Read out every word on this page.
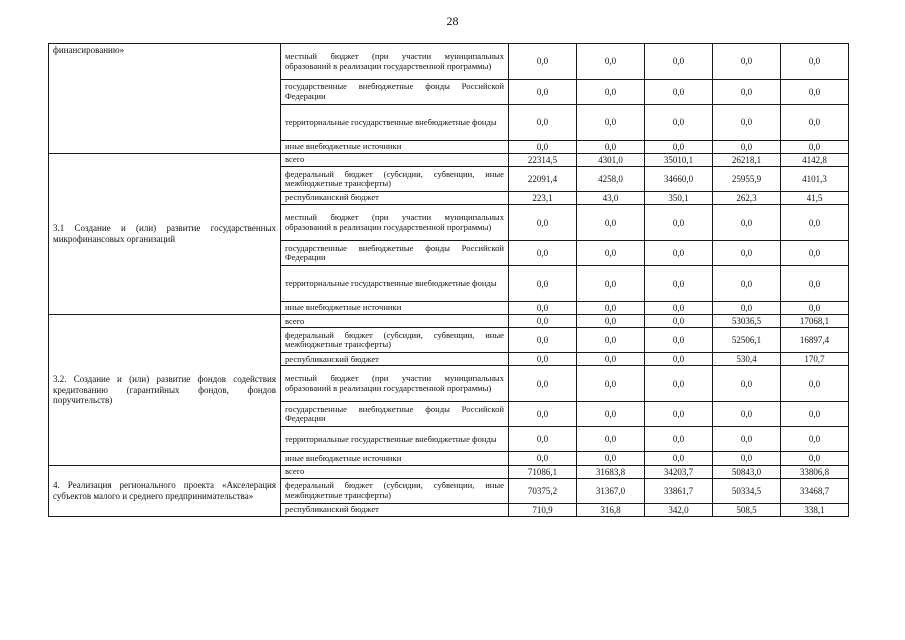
28
финансированию»	местный бюджет (при участии муниципальных образований в реализации государственной программы)	0,0	0,0	0,0	0,0	0,0
	государственные внебюджетные фонды Российской Федерации	0,0	0,0	0,0	0,0	0,0
	территориальные государственные внебюджетные фонды	0,0	0,0	0,0	0,0	0,0
	иные внебюджетные источники	0,0	0,0	0,0	0,0	0,0
3.1 Создание и (или) развитие государственных микрофинансовых организаций	всего	22314,5	4301,0	35010,1	26218,1	4142,8
	федеральный бюджет (субсидии, субвенции, иные межбюджетные трансферты)	22091,4	4258,0	34660,0	25955,9	4101,3
	республиканский бюджет	223,1	43,0	350,1	262,3	41,5
	местный бюджет (при участии муниципальных образований в реализации государственной программы)	0,0	0,0	0,0	0,0	0,0
	государственные внебюджетные фонды Российской Федерации	0,0	0,0	0,0	0,0	0,0
	территориальные государственные внебюджетные фонды	0,0	0,0	0,0	0,0	0,0
	иные внебюджетные источники	0,0	0,0	0,0	0,0	0,0
3.2. Создание и (или) развитие фондов содействия кредитованию (гарантийных фондов, фондов поручительств)	всего	0,0	0,0	0,0	53036,5	17068,1
	федеральный бюджет (субсидии, субвенции, иные межбюджетные трансферты)	0,0	0,0	0,0	52506,1	16897,4
	республиканский бюджет	0,0	0,0	0,0	530,4	170,7
	местный бюджет (при участии муниципальных образований в реализации государственной программы)	0,0	0,0	0,0	0,0	0,0
	государственные внебюджетные фонды Российской Федерации	0,0	0,0	0,0	0,0	0,0
	территориальные государственные внебюджетные фонды	0,0	0,0	0,0	0,0	0,0
	иные внебюджетные источники	0,0	0,0	0,0	0,0	0,0
4. Реализация регионального проекта «Акселерация субъектов малого и среднего предпринимательства»	всего	71086,1	31683,8	34203,7	50843,0	33806,8
	федеральный бюджет (субсидии, субвенции, иные межбюджетные трансферты)	70375,2	31367,0	33861,7	50334,5	33468,7
	республиканский бюджет	710,9	316,8	342,0	508,5	338,1
